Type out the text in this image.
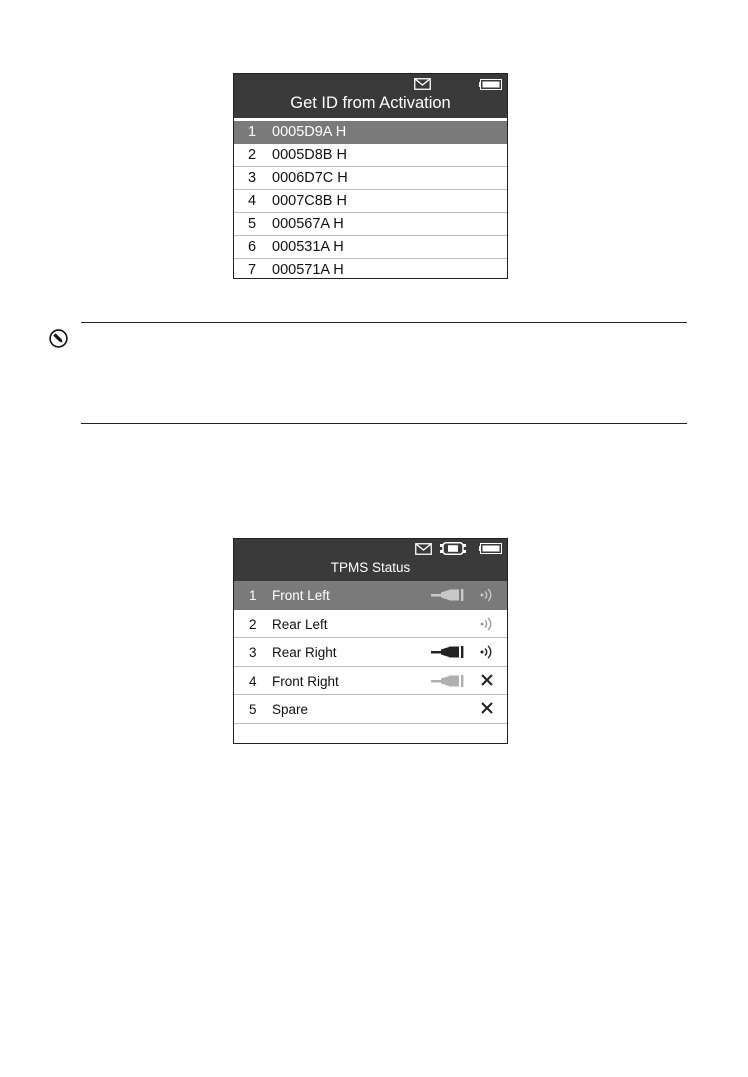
Get ID from Activation
1 0005D9A H
2 0005D8B H
3 0006D7C H
4 0007C8B H
5 000567A H
6 000531A H
7 000571A H
TPMS Status
1 Front Left
2 Rear Left
3 Rear Right
4 Front Right
5 Spare
